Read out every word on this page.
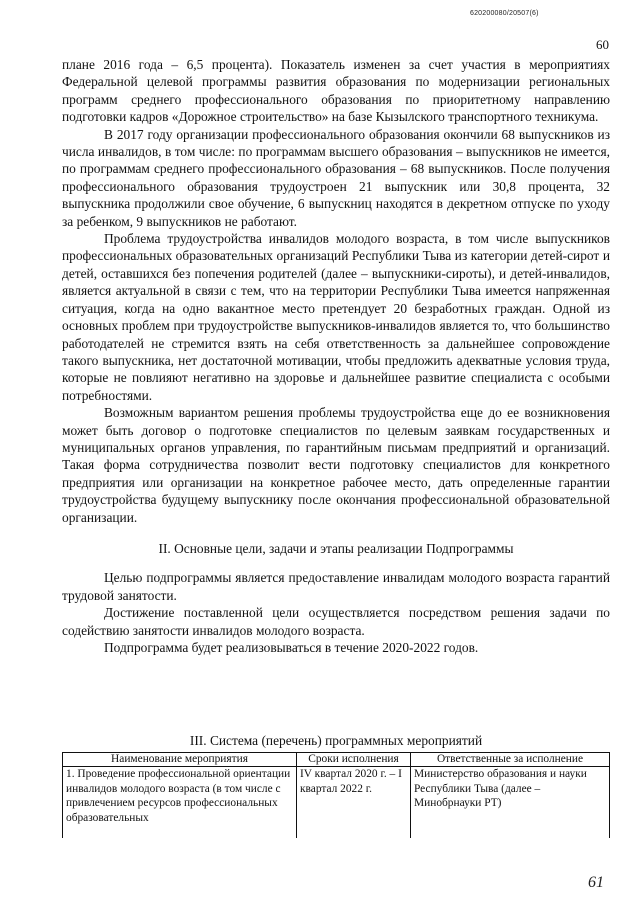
620200080/20507(6)
60

плане 2016 года – 6,5 процента). Показатель изменен за счет участия в мероприятиях Федеральной целевой программы развития образования по модернизации региональных программ среднего профессионального образования по приоритетному направлению подготовки кадров «Дорожное строительство» на базе Кызылского транспортного техникума.

В 2017 году организации профессионального образования окончили 68 выпускников из числа инвалидов, в том числе: по программам высшего образования – выпускников не имеется, по программам среднего профессионального образования – 68 выпускников. После получения профессионального образования трудоустроен 21 выпускник или 30,8 процента, 32 выпускника продолжили свое обучение, 6 выпускниц находятся в декретном отпуске по уходу за ребенком, 9 выпускников не работают.

Проблема трудоустройства инвалидов молодого возраста, в том числе выпускников профессиональных образовательных организаций Республики Тыва из категории детей-сирот и детей, оставшихся без попечения родителей (далее – выпускники-сироты), и детей-инвалидов, является актуальной в связи с тем, что на территории Республики Тыва имеется напряженная ситуация, когда на одно вакантное место претендует 20 безработных граждан. Одной из основных проблем при трудоустройстве выпускников-инвалидов является то, что большинство работодателей не стремится взять на себя ответственность за дальнейшее сопровождение такого выпускника, нет достаточной мотивации, чтобы предложить адекватные условия труда, которые не повлияют негативно на здоровье и дальнейшее развитие специалиста с особыми потребностями.

Возможным вариантом решения проблемы трудоустройства еще до ее возникновения может быть договор о подготовке специалистов по целевым заявкам государственных и муниципальных органов управления, по гарантийным письмам предприятий и организаций. Такая форма сотрудничества позволит вести подготовку специалистов для конкретного предприятия или организации на конкретное рабочее место, дать определенные гарантии трудоустройства будущему выпускнику после окончания профессиональной образовательной организации.

II. Основные цели, задачи и этапы реализации Подпрограммы

Целью подпрограммы является предоставление инвалидам молодого возраста гарантий трудовой занятости.

Достижение поставленной цели осуществляется посредством решения задачи по содействию занятости инвалидов молодого возраста.

Подпрограмма будет реализовываться в течение 2020-2022 годов.

III. Система (перечень) программных мероприятий
Наименование мероприятия	Сроки исполнения	Ответственные за исполнение
1. Проведение профессиональной ориентации инвалидов молодого возраста (в том числе с привлечением ресурсов профессиональных образовательных	IV квартал 2020 г. – I квартал 2022 г.	Министерство образования и науки Республики Тыва (далее – Минобрнауки РТ)
61
